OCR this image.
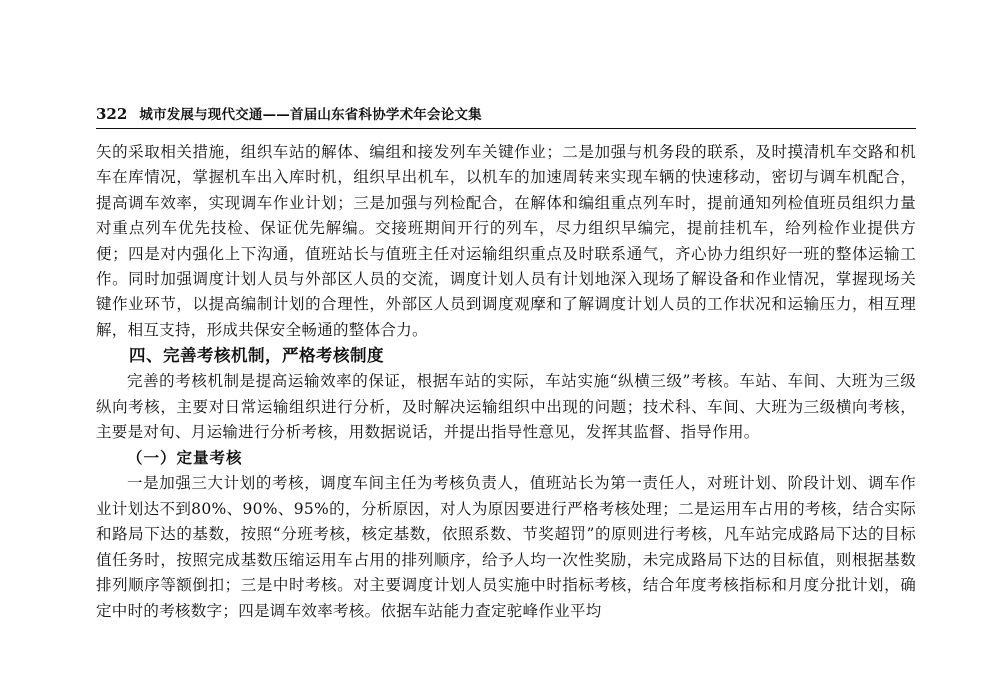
322 城市发展与现代交通——首届山东省科协学术年会论文集

矢的采取相关措施，组织车站的解体、编组和接发列车关键作业；二是加强与机务段的联系，及时摸清机车交路和机车在库情况，掌握机车出入库时机，组织早出机车，以机车的加速周转来实现车辆的快速移动，密切与调车机配合，提高调车效率，实现调车作业计划；三是加强与列检配合，在解体和编组重点列车时，提前通知列检值班员组织力量对重点列车优先技检、保证优先解编。交接班期间开行的列车，尽力组织早编完，提前挂机车，给列检作业提供方便；四是对内强化上下沟通，值班站长与值班主任对运输组织重点及时联系通气，齐心协力组织好一班的整体运输工作。同时加强调度计划人员与外部区人员的交流，调度计划人员有计划地深入现场了解设备和作业情况，掌握现场关键作业环节，以提高编制计划的合理性，外部区人员到调度观摩和了解调度计划人员的工作状况和运输压力，相互理解，相互支持，形成共保安全畅通的整体合力。

四、完善考核机制，严格考核制度

完善的考核机制是提高运输效率的保证，根据车站的实际，车站实施“纵横三级”考核。车站、车间、大班为三级纵向考核，主要对日常运输组织进行分析，及时解决运输组织中出现的问题；技术科、车间、大班为三级横向考核，主要是对旬、月运输进行分析考核，用数据说话，并提出指导性意见，发挥其监督、指导作用。

（一）定量考核

一是加强三大计划的考核，调度车间主任为考核负责人，值班站长为第一责任人，对班计划、阶段计划、调车作业计划达不到80%、90%、95%的，分析原因，对人为原因要进行严格考核处理；二是运用车占用的考核，结合实际和路局下达的基数，按照“分班考核，核定基数，依照系数、节奖超罚”的原则进行考核，凡车站完成路局下达的目标值任务时，按照完成基数压缩运用车占用的排列顺序，给予人均一次性奖励，未完成路局下达的目标值，则根据基数排列顺序等额倒扣；三是中时考核。对主要调度计划人员实施中时指标考核，结合年度考核指标和月度分批计划，确定中时的考核数字；四是调车效率考核。依据车站能力查定驼峰作业平均
